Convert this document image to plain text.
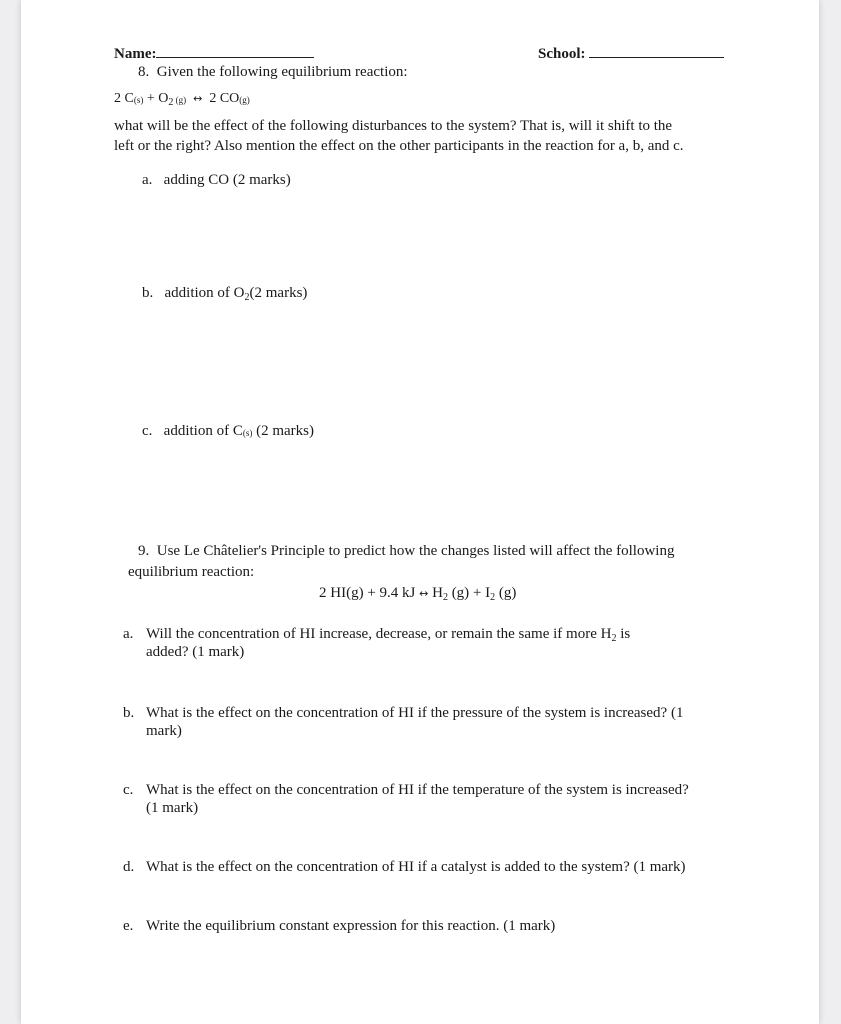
Name:	School:
8. Given the following equilibrium reaction:
2 $C_{(s)} + O_2$ $_{(g)}$ ↔ 2 $CO_{(g)}$
what will be the effect of the following disturbances to the system? That is, will it shift to the
left or the right? Also mention the effect on the other participants in the reaction for a, b, and c.
a. adding CO (2 marks)
b. addition of $O_2(2$ marks)
c. addition of $C_{(s)}$ (2 marks)
9. Use Le Châtelier's Principle to predict how the changes listed will affect the following
equilibrium reaction:
2 HI(g) + 9.4 kJ ↔ $H_2$ $(g) + I_2$ (g)
a. Will the concentration of HI increase, decrease, or remain the same if more $H_2$ is
added? (1 mark)
b. What is the effect on the concentration of HI if the pressure of the system is increased? (1
mark)
c. What is the effect on the concentration of HI if the temperature of the system is increased?
(1 mark)
d. What is the effect on the concentration of HI if a catalyst is added to the system? (1 mark)
e. Write the equilibrium constant expression for this reaction. (1 mark)
